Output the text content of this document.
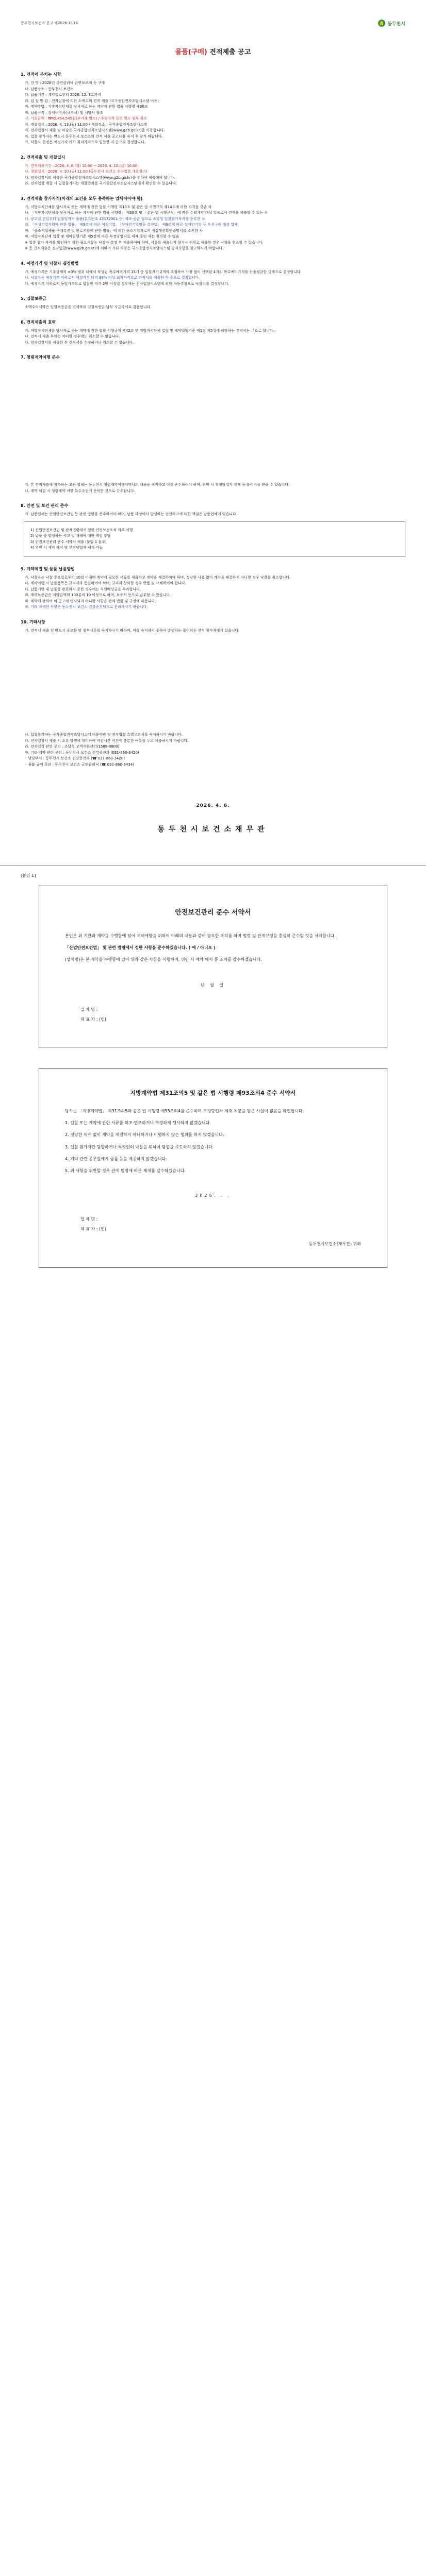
동두천시보건소 공고 제2026-113호	동두천시
물품(구매) 견적제출 공고
1. 견적에 부치는 사항
가. 건 명 : 2026년 금연클리닉 금연보조제 등 구매
나. 납품장소 : 동두천시 보건소
다. 납품기간 : 계약일로부터 2026. 12. 31.까지
라. 입 찰 방 법 : 전자입찰에 의한 소액수의 견적 제출 (국가종합전자조달시스템 이용)
마. 계약방법 : 지방자치단체를 당사자로 하는 계약에 관한 법률 시행령 제30조
바. 납품규격 : 상세내역서(규격서) 및 시방서 참조
사. 기초금액 : ₩45,454,545원(부가세 별도) / 추정가격 등은 별도 첨부 참조
아. 개찰일시 : 2026. 4. 13.(월) 11:00 / 개찰장소 : 국가종합전자조달시스템
자. 전자입찰서 제출 및 마감은 국가종합전자조달시스템(www.g2b.go.kr)을 이용합니다.
차. 입찰 참가자는 반드시 동두천시 보건소의 견적 제출 공고내용 숙지 후 참가 바랍니다.
카. 낙찰자 결정은 예정가격 이하 최저가격으로 입찰한 자 순으로 결정합니다.
2. 견적제출 및 개찰일시
가. 견적제출기간 : 2026. 4. 6.(월) 10:00 ~ 2026. 4. 10.(금) 10:00
나. 개찰일시 : 2026. 4. 10.(금) 11:00 (동두천시 보건소 전자입찰 개찰장소)
다. 전자입찰서의 제출은 국가종합전자조달시스템(www.g2b.go.kr)을 통하여 제출해야 합니다.
라. 전자입찰 개찰 시 입찰참가자는 개찰결과를 국가종합전자조달시스템에서 확인할 수 있습니다.
3. 견적제출 참가자격(아래의 요건을 모두 충족하는 업체이어야 함)
가. 지방자치단체를 당사자로 하는 계약에 관한 법률 시행령 제13조 및 같은 법 시행규칙 제14조에 의한 자격을 갖춘 자
나. 「지방자치단체를 당사자로 하는 계약에 관한 법률 시행령」 제30조 및 「같은 법 시행규칙」에 따른 수의계약 대상 업체로서 견적을 제출할 수 있는 자
다. 공고일 전일부터 입찰일까지 물품(분류번호 42172001 등) 제조·공급 업으로 조달청 입찰참가자격을 등록한 자
라. 「여성기업지원에 관한 법률」 제9조에 따른 여성기업, 「장애인기업활동 촉진법」 제9조에 따른 장애인기업 등 우선구매 대상 업체
마. 「중소기업제품 구매촉진 및 판로지원에 관한 법률」에 의한 중소기업자로서 직접생산확인증명서를 소지한 자
바. 지방자치단체 입찰 및 계약집행기준 제5장에 따른 부정당업자로 제재 중인 자는 참가할 수 없음
※ 입찰 참가 자격을 확인하기 위한 필요서류는 낙찰자 결정 후 제출하여야 하며, 서류를 제출하지 않거나 허위로 제출한 경우 낙찰을 취소할 수 있습니다.
※ 동 견적제출은 전자입찰(www.g2b.go.kr)에 의하며 기타 사항은 국가종합전자조달시스템 공지사항을 참고하시기 바랍니다.
4. 예정가격 및 낙찰자 결정방법
가. 예정가격은 기초금액의 ±3% 범위 내에서 작성된 복수예비가격 15개 중 입찰자가 2개씩 추첨하여 가장 많이 선택된 4개의 복수예비가격을 산술평균한 금액으로 결정합니다.
나. 낙찰자는 예정가격 이하로서 예정가격 대비 88% 이상 최저가격으로 견적서를 제출한 자 순으로 결정합니다.
다. 예정가격 이하로서 동일가격으로 입찰한 자가 2인 이상일 경우에는 전자입찰시스템에 의한 자동추첨으로 낙찰자를 결정합니다.
5. 입찰보증금
소액수의계약은 입찰보증금을 면제하되 입찰보증금 납부 지급각서로 갈음합니다.
6. 견적제출의 효력
가. 지방자치단체를 당사자로 하는 계약에 관한 법률 시행규칙 제42조 및 지방자치단체 입찰 및 계약집행기준 제1장 제5절에 해당하는 견적서는 무효로 합니다.
나. 견적서 제출 후에는 어떠한 경우에도 취소할 수 없습니다.
다. 전자입찰서를 제출한 후 견적서를 수정하거나 취소할 수 없습니다.
7. 청렴계약이행 준수
가. 본 견적제출에 참가하는 모든 업체는 동두천시 청렴계약이행서약서의 내용을 숙지하고 이를 준수하여야 하며, 위반 시 부정당업자 제재 등 불이익을 받을 수 있습니다.
나. 계약 체결 시 청렴계약 이행 특수조건에 동의한 것으로 간주합니다.
8. 안전 및 보건 관리 준수
가. 납품업체는 산업안전보건법 등 관련 법령을 준수하여야 하며, 납품 과정에서 발생하는 안전사고에 대한 책임은 납품업체에 있습니다.
1) 산업안전보건법 및 관계법령에서 정한 안전보건조치 의무 이행
2) 납품 중 발생하는 사고 및 재해에 대한 책임 부담
3) 안전보건관리 준수 서약서 제출 (붙임 1 참조)
4) 위반 시 계약 해지 및 부정당업자 제재 가능
9. 계약체결 및 물품 납품방법
가. 낙찰자는 낙찰 통보일로부터 10일 이내에 계약에 필요한 서류를 제출하고 계약을 체결하여야 하며, 정당한 사유 없이 계약을 체결하지 아니할 경우 낙찰을 취소합니다.
나. 계약이행 시 납품품목은 규격서와 동일하여야 하며, 규격과 상이할 경우 반품 및 교체하여야 합니다.
다. 납품기한 내 납품을 완료하지 못한 경우에는 지연배상금을 부과합니다.
라. 계약보증금은 계약금액의 100분의 10 이상으로 하며, 보증서 등으로 납부할 수 있습니다.
마. 계약에 관하여 이 공고에 명시되지 아니한 사항은 관계 법령 및 규정에 따릅니다.
바. 기타 자세한 사항은 동두천시 보건소 건강증진팀으로 문의하시기 바랍니다.
10. 기타사항
가. 견적서 제출 전 반드시 공고문 및 첨부서류를 숙지하시기 바라며, 이를 숙지하지 못하여 발생하는 불이익은 견적 참가자에게 있습니다.
나. 입찰참가자는 국가종합전자조달시스템 이용약관 및 전자입찰 특별유의서를 숙지하시기 바랍니다.
다. 전자입찰서 제출 시 오류 발생에 대비하여 마감시간 이전에 충분한 여유를 두고 제출하시기 바랍니다.
라. 전자입찰 관련 문의 : 조달청 고객지원센터(1588-0800)
마. 기타 계약 관련 문의 : 동두천시 보건소 건강증진과 (031-860-3420)
◦ 담당부서 : 동두천시 보건소 건강증진과 (☎ 031-860-3420)
◦ 물품 규격 문의 : 동두천시 보건소 금연클리닉 (☎ 031-860-3434)
2026. 4. 6.
동두천시보건소재무관
[붙임 1]
안전보건관리 준수 서약서
본인은 위 기관과 계약을 수행함에 있어 재해예방을 위하여 아래의 내용과 같이 필요한 조치를 하며 법령 및 관계규정을 충실히 준수할 것을 서약합니다.
「산업안전보건법」 및 관련 법령에서 정한 사항을 준수하겠습니다. ( 예 / 아니오 )
(업체명)은 본 계약을 수행함에 있어 위와 같은 사항을 이행하며, 위반 시 계약 해지 등 조치를 감수하겠습니다.
년 월 일
업 체 명 :
대 표 자 : (인)
지방계약법 제31조의5 및 같은 법 시행령 제93조의4 준수 서약서
당사는 「지방계약법」 제31조의5와 같은 법 시행령 제93조의4를 준수하며 부정당업자 제재 처분을 받은 사실이 없음을 확인합니다.
1. 입찰 또는 계약에 관한 서류를 위조·변조하거나 부정하게 행사하지 않겠습니다.
2. 정당한 이유 없이 계약을 체결하지 아니하거나 이행하지 않는 행위를 하지 않겠습니다.
3. 입찰 참가자간 담합하거나 특정인의 낙찰을 위하여 담합을 주도하지 않겠습니다.
4. 계약 관련 공무원에게 금품 등을 제공하지 않겠습니다.
5. 위 사항을 위반할 경우 관계 법령에 따른 제재를 감수하겠습니다.
2026. . .
업 체 명 :
대 표 자 : (인)
동두천시보건소(재무관) 귀하
